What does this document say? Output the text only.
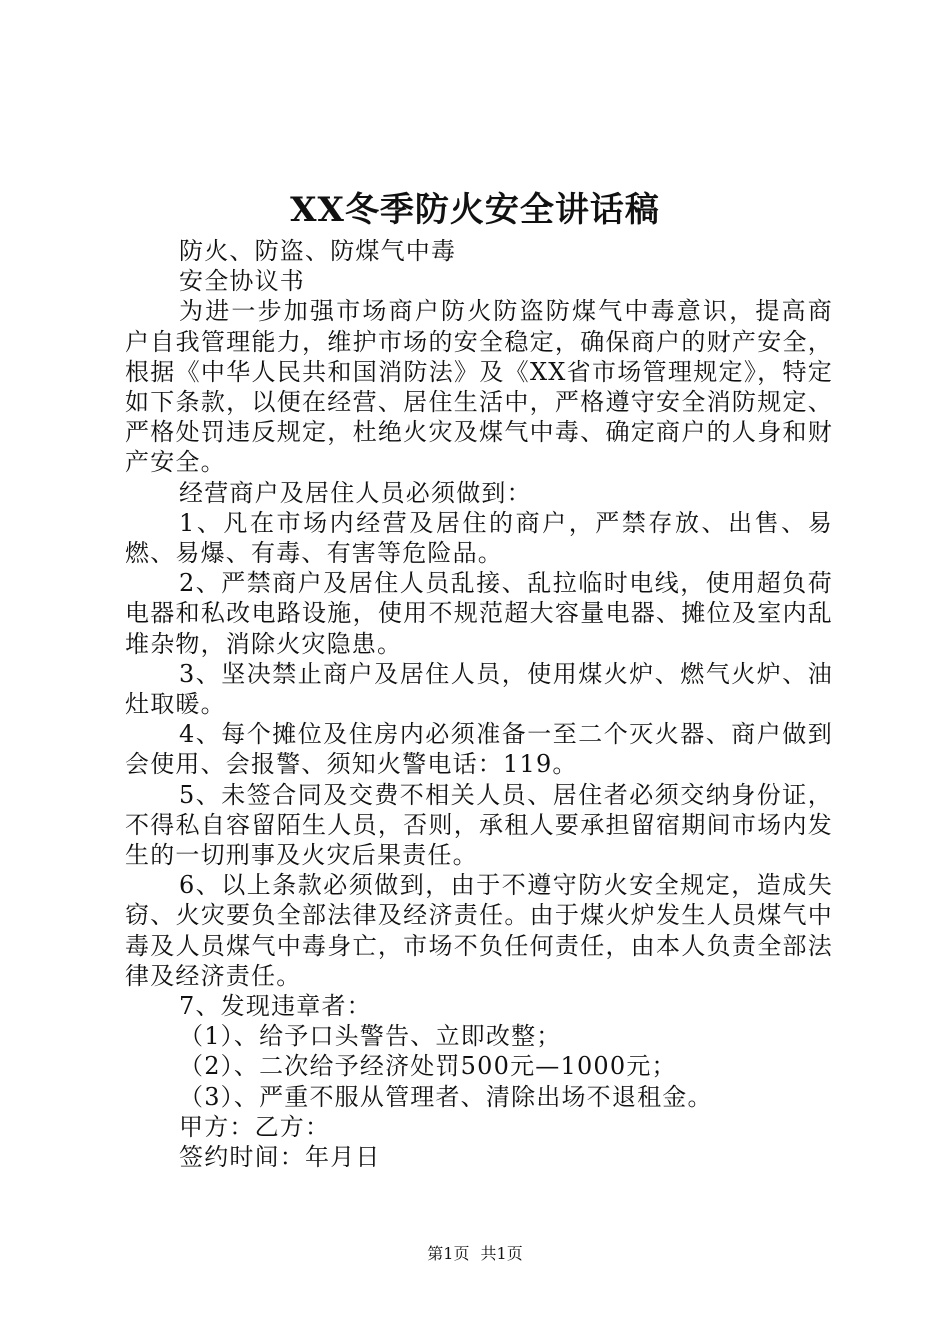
XX冬季防火安全讲话稿

防火、防盗、防煤气中毒

安全协议书

为进一步加强市场商户防火防盗防煤气中毒意识，提高商户自我管理能力，维护市场的安全稳定，确保商户的财产安全，根据《中华人民共和国消防法》及《XX省市场管理规定》，特定如下条款，以便在经营、居住生活中，严格遵守安全消防规定、严格处罚违反规定，杜绝火灾及煤气中毒、确定商户的人身和财产安全。

经营商户及居住人员必须做到：

1、凡在市场内经营及居住的商户，严禁存放、出售、易燃、易爆、有毒、有害等危险品。

2、严禁商户及居住人员乱接、乱拉临时电线，使用超负荷电器和私改电路设施，使用不规范超大容量电器、摊位及室内乱堆杂物，消除火灾隐患。

3、坚决禁止商户及居住人员，使用煤火炉、燃气火炉、油灶取暖。

4、每个摊位及住房内必须准备一至二个灭火器、商户做到会使用、会报警、须知火警电话：119。

5、未签合同及交费不相关人员、居住者必须交纳身份证，不得私自容留陌生人员，否则，承租人要承担留宿期间市场内发生的一切刑事及火灾后果责任。

6、以上条款必须做到，由于不遵守防火安全规定，造成失窃、火灾要负全部法律及经济责任。由于煤火炉发生人员煤气中毒及人员煤气中毒身亡，市场不负任何责任，由本人负责全部法律及经济责任。

7、发现违章者：

（1）、给予口头警告、立即改整；

（2）、二次给予经济处罚500元—1000元；

（3）、严重不服从管理者、清除出场不退租金。

甲方：乙方：

签约时间：年月日

第1页 共1页
